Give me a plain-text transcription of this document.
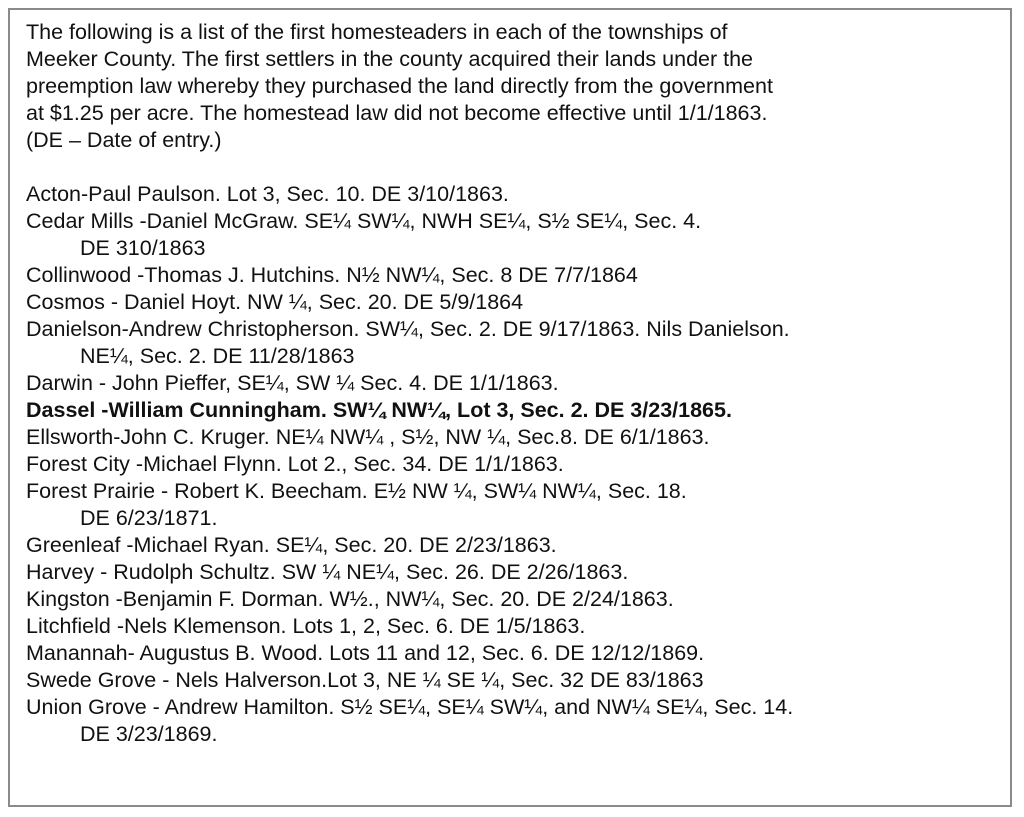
The following is a list of the first homesteaders in each of the townships of

Meeker County. The first settlers in the county acquired their lands under the

preemption law whereby they purchased the land directly from the government

at $1.25 per acre. The homestead law did not become effective until 1/1/1863.

(DE – Date of entry.)

Acton-Paul Paulson. Lot 3, Sec. 10. DE 3/10/1863.
Cedar Mills -Daniel McGraw. SE¼ SW¼, NWH SE¼, S½ SE¼, Sec. 4.
DE 310/1863
Collinwood -Thomas J. Hutchins. N½ NW¼, Sec. 8 DE 7/7/1864
Cosmos - Daniel Hoyt. NW ¼, Sec. 20. DE 5/9/1864
Danielson-Andrew Christopherson. SW¼, Sec. 2. DE 9/17/1863. Nils Danielson.
NE¼, Sec. 2. DE 11/28/1863
Darwin - John Pieffer, SE¼, SW ¼ Sec. 4. DE 1/1/1863.
Dassel -William Cunningham. SW¼ NW¼, Lot 3, Sec. 2. DE 3/23/1865.
Ellsworth-John C. Kruger. NE¼ NW¼ , S½, NW ¼, Sec.8. DE 6/1/1863.
Forest City -Michael Flynn. Lot 2., Sec. 34. DE 1/1/1863.
Forest Prairie - Robert K. Beecham. E½ NW ¼, SW¼ NW¼, Sec. 18.
DE 6/23/1871.
Greenleaf -Michael Ryan. SE¼, Sec. 20. DE 2/23/1863.
Harvey - Rudolph Schultz. SW ¼ NE¼, Sec. 26. DE 2/26/1863.
Kingston -Benjamin F. Dorman. W½., NW¼, Sec. 20. DE 2/24/1863.
Litchfield -Nels Klemenson. Lots 1, 2, Sec. 6. DE 1/5/1863.
Manannah- Augustus B. Wood. Lots 11 and 12, Sec. 6. DE 12/12/1869.
Swede Grove - Nels Halverson.Lot 3, NE ¼ SE ¼, Sec. 32 DE 83/1863
Union Grove - Andrew Hamilton. S½ SE¼, SE¼ SW¼, and NW¼ SE¼, Sec. 14.
DE 3/23/1869.
